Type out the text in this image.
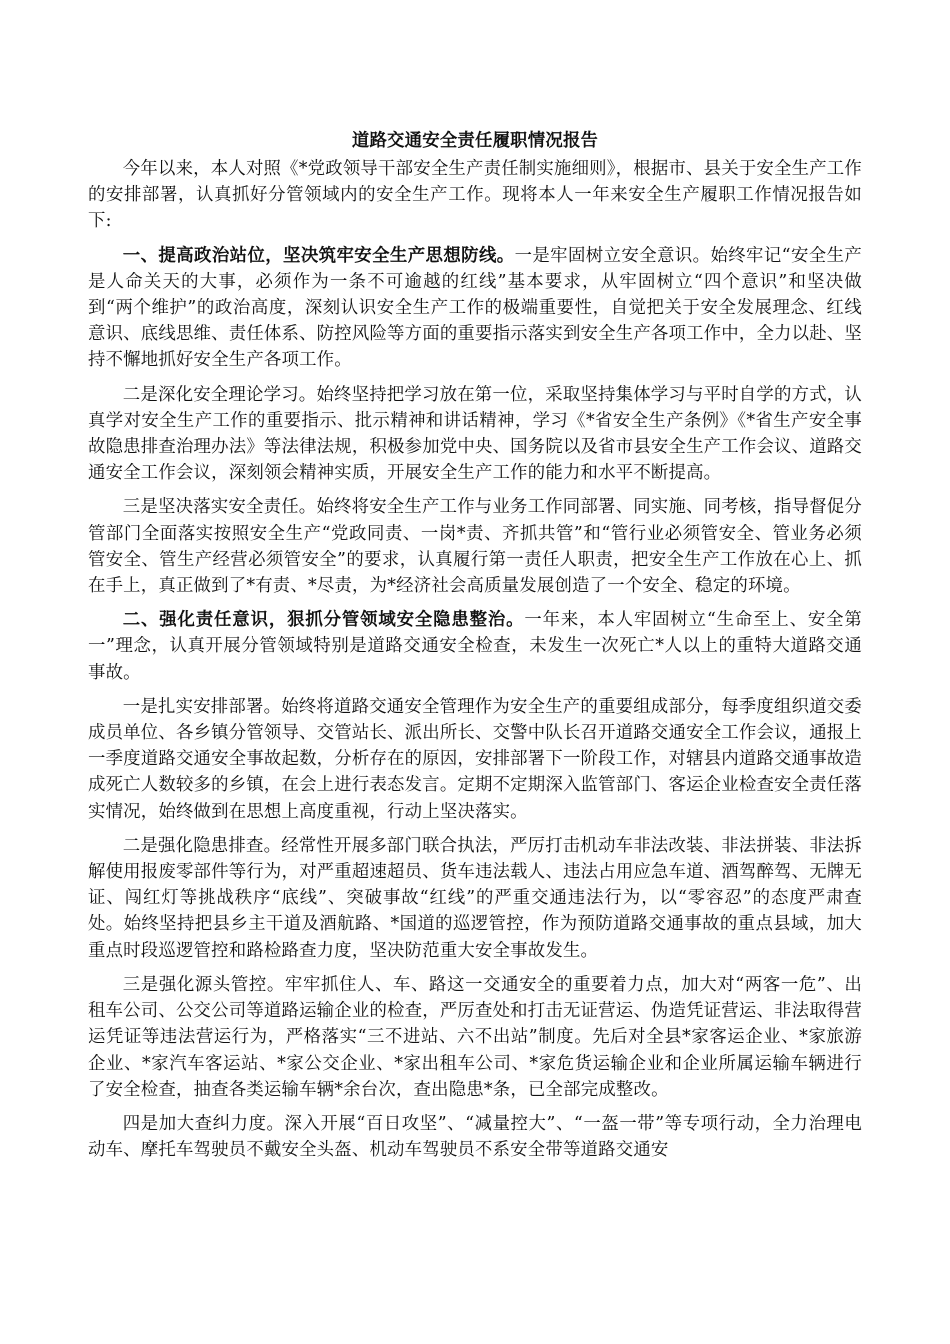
道路交通安全责任履职情况报告

今年以来，本人对照《*党政领导干部安全生产责任制实施细则》，根据市、县关于安全生产工作的安排部署，认真抓好分管领域内的安全生产工作。现将本人一年来安全生产履职工作情况报告如下:

一、提高政治站位，坚决筑牢安全生产思想防线。一是牢固树立安全意识。始终牢记“安全生产是人命关天的大事，必须作为一条不可逾越的红线”基本要求，从牢固树立“四个意识”和坚决做到“两个维护”的政治高度，深刻认识安全生产工作的极端重要性，自觉把关于安全发展理念、红线意识、底线思维、责任体系、防控风险等方面的重要指示落实到安全生产各项工作中，全力以赴、坚持不懈地抓好安全生产各项工作。

二是深化安全理论学习。始终坚持把学习放在第一位，采取坚持集体学习与平时自学的方式，认真学对安全生产工作的重要指示、批示精神和讲话精神，学习《*省安全生产条例》《*省生产安全事故隐患排查治理办法》等法律法规，积极参加党中央、国务院以及省市县安全生产工作会议、道路交通安全工作会议，深刻领会精神实质，开展安全生产工作的能力和水平不断提高。

三是坚决落实安全责任。始终将安全生产工作与业务工作同部署、同实施、同考核，指导督促分管部门全面落实按照安全生产“党政同责、一岗*责、齐抓共管”和“管行业必须管安全、管业务必须管安全、管生产经营必须管安全”的要求，认真履行第一责任人职责，把安全生产工作放在心上、抓在手上，真正做到了*有责、*尽责，为*经济社会高质量发展创造了一个安全、稳定的环境。

二、强化责任意识，狠抓分管领域安全隐患整治。一年来，本人牢固树立“生命至上、安全第一”理念，认真开展分管领域特别是道路交通安全检查，未发生一次死亡*人以上的重特大道路交通事故。

一是扎实安排部署。始终将道路交通安全管理作为安全生产的重要组成部分，每季度组织道交委成员单位、各乡镇分管领导、交管站长、派出所长、交警中队长召开道路交通安全工作会议，通报上一季度道路交通安全事故起数，分析存在的原因，安排部署下一阶段工作，对辖县内道路交通事故造成死亡人数较多的乡镇，在会上进行表态发言。定期不定期深入监管部门、客运企业检查安全责任落实情况，始终做到在思想上高度重视，行动上坚决落实。

二是强化隐患排查。经常性开展多部门联合执法，严厉打击机动车非法改装、非法拼装、非法拆解使用报废零部件等行为，对严重超速超员、货车违法载人、违法占用应急车道、酒驾醉驾、无牌无证、闯红灯等挑战秩序“底线”、突破事故“红线”的严重交通违法行为，以“零容忍”的态度严肃查处。始终坚持把县乡主干道及酒航路、*国道的巡逻管控，作为预防道路交通事故的重点县域，加大重点时段巡逻管控和路检路查力度，坚决防范重大安全事故发生。

三是强化源头管控。牢牢抓住人、车、路这一交通安全的重要着力点，加大对“两客一危”、出租车公司、公交公司等道路运输企业的检查，严厉查处和打击无证营运、伪造凭证营运、非法取得营运凭证等违法营运行为，严格落实“三不进站、六不出站”制度。先后对全县*家客运企业、*家旅游企业、*家汽车客运站、*家公交企业、*家出租车公司、*家危货运输企业和企业所属运输车辆进行了安全检查，抽查各类运输车辆*余台次，查出隐患*条，已全部完成整改。

四是加大查纠力度。深入开展“百日攻坚”、“减量控大”、“一盔一带”等专项行动，全力治理电动车、摩托车驾驶员不戴安全头盔、机动车驾驶员不系安全带等道路交通安
